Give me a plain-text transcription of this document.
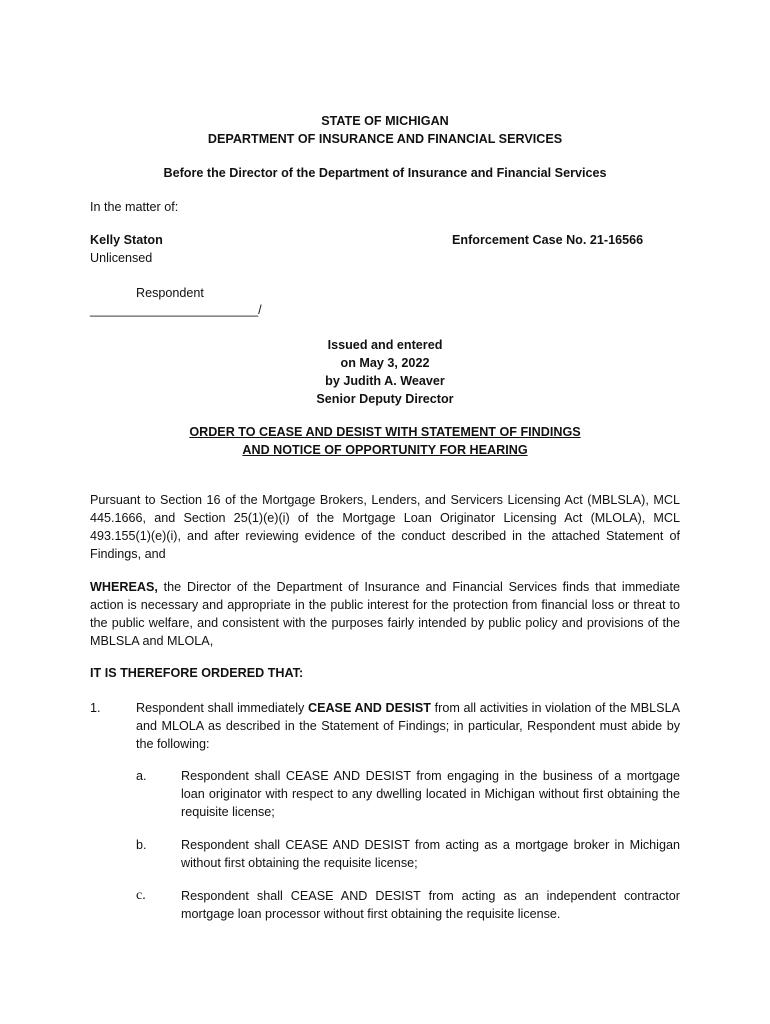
STATE OF MICHIGAN
DEPARTMENT OF INSURANCE AND FINANCIAL SERVICES
Before the Director of the Department of Insurance and Financial Services
In the matter of:
Kelly Staton
Unlicensed
Enforcement Case No. 21-16566
Respondent
________________________/
Issued and entered
on May 3, 2022
by Judith A. Weaver
Senior Deputy Director
ORDER TO CEASE AND DESIST WITH STATEMENT OF FINDINGS
AND NOTICE OF OPPORTUNITY FOR HEARING
Pursuant to Section 16 of the Mortgage Brokers, Lenders, and Servicers Licensing Act (MBLSLA), MCL 445.1666, and Section 25(1)(e)(i) of the Mortgage Loan Originator Licensing Act (MLOLA), MCL 493.155(1)(e)(i), and after reviewing evidence of the conduct described in the attached Statement of Findings, and
WHEREAS, the Director of the Department of Insurance and Financial Services finds that immediate action is necessary and appropriate in the public interest for the protection from financial loss or threat to the public welfare, and consistent with the purposes fairly intended by public policy and provisions of the MBLSLA and MLOLA,
IT IS THEREFORE ORDERED THAT:
1.	Respondent shall immediately CEASE AND DESIST from all activities in violation of the MBLSLA and MLOLA as described in the Statement of Findings; in particular, Respondent must abide by the following:
a.	Respondent shall CEASE AND DESIST from engaging in the business of a mortgage loan originator with respect to any dwelling located in Michigan without first obtaining the requisite license;
b.	Respondent shall CEASE AND DESIST from acting as a mortgage broker in Michigan without first obtaining the requisite license;
c.	Respondent shall CEASE AND DESIST from acting as an independent contractor mortgage loan processor without first obtaining the requisite license.
